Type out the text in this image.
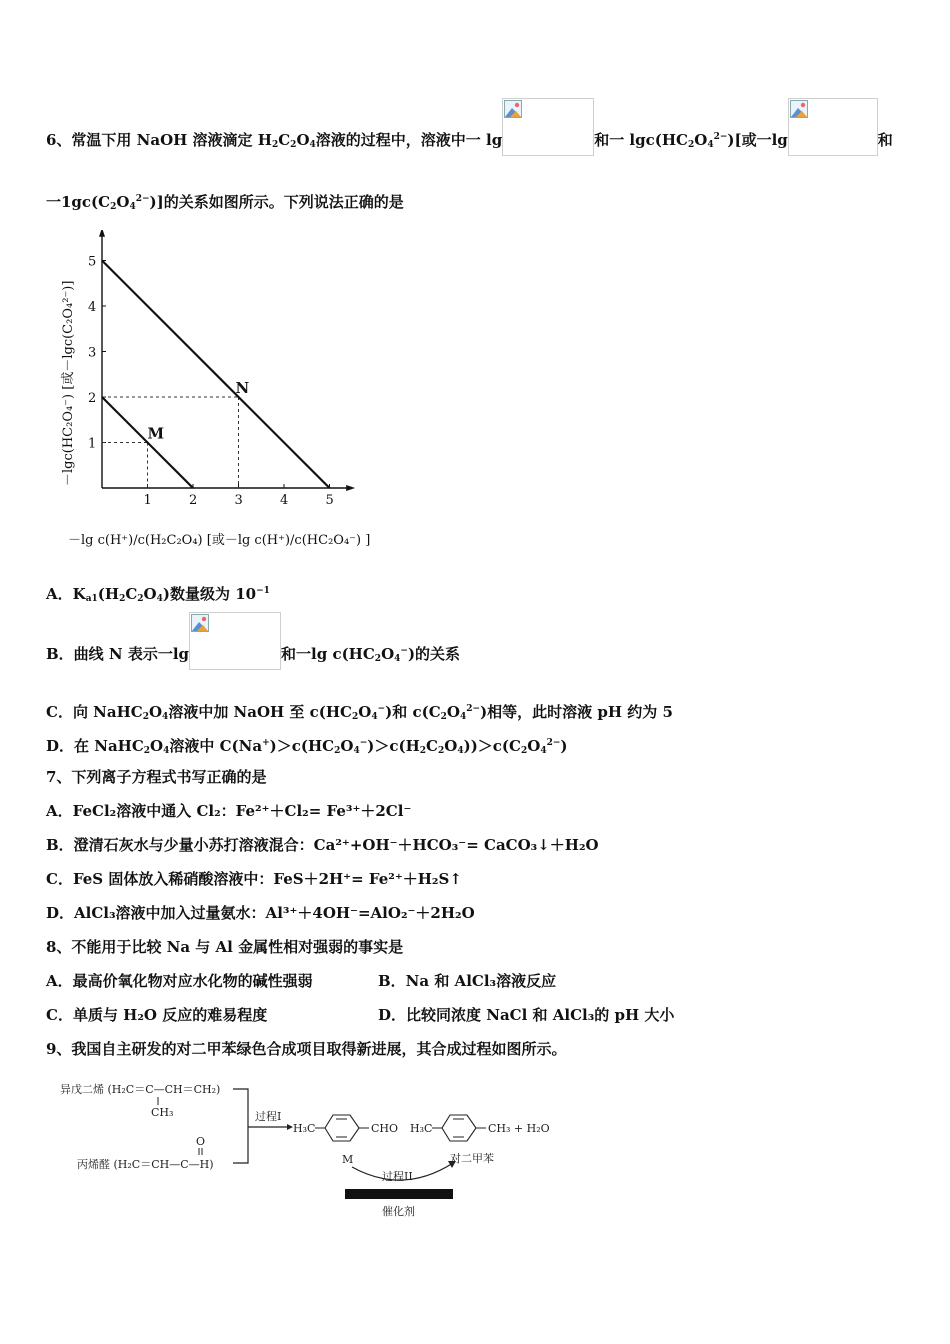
6、常温下用 NaOH 溶液滴定 $H_2C_2O_4$溶液的过程中，溶液中一 lg	和一 $\lg c(HC_2O_4^{2-})$[或一lg	和
一$1gc(C_2O_4^{2-})$]的关系如图所示。下列说法正确的是
1	2	3	4	5
1
2
3
4
5
M
N
－lgc(HC₂O₄⁻) [或－lgc(C₂O₄²⁻)]
－lg c(H⁺)/c(H₂C₂O₄) [或－lg c(H⁺)/c(HC₂O₄⁻) ]
A．$K_{a1}(H_2C_2O_4)$数量级为 $10^{-1}$
B．曲线 N 表示一lg	和一$\lg c(HC_2O_4^-)$的关系
C．向 $NaHC_2O_4$溶液中加 NaOH 至 $c(HC_2O_4^-)$和 $c(C_2O_4^{2-})$相等，此时溶液 pH 约为 5
D．在 $NaHC_2O_4$溶液中 $C(Na^+)>c(HC_2O_4^-)>c(H_2C_2O_4))>c(C_2O_4^{2-})$
7、下列离子方程式书写正确的是
A．FeCl₂溶液中通入 Cl₂：Fe²⁺＋Cl₂= Fe³⁺＋2Cl⁻
B．澄清石灰水与少量小苏打溶液混合：Ca²⁺+OH⁻＋HCO₃⁻= CaCO₃↓＋H₂O
C．FeS 固体放入稀硝酸溶液中：FeS＋2H⁺= Fe²⁺＋H₂S↑
D．AlCl₃溶液中加入过量氨水：Al³⁺＋4OH⁻=AlO₂⁻＋2H₂O
8、不能用于比较 Na 与 Al 金属性相对强弱的事实是
A．最高价氧化物对应水化物的碱性强弱	B．Na 和 AlCl₃溶液反应
C．单质与 H₂O 反应的难易程度	D．比较同浓度 NaCl 和 AlCl₃的 pH 大小
9、我国自主研发的对二甲苯绿色合成项目取得新进展，其合成过程如图所示。
异戊二烯 (H₂C＝C—CH＝CH₂)
CH₃
O
丙烯醛 (H₂C＝CH—C—H)
过程I
H₃C	CHO H₃C	CH₃ + H₂O
M	对二甲苯
过程II
催化剂
